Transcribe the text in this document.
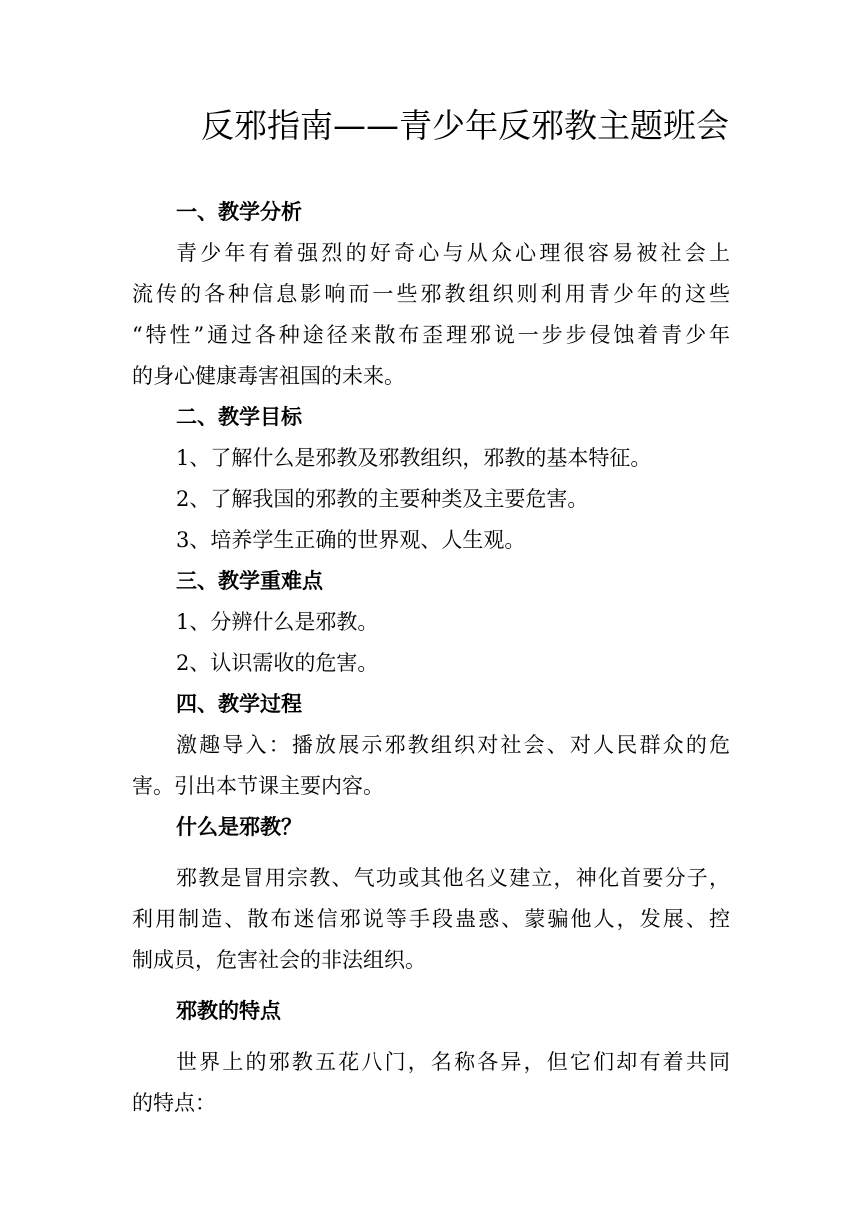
反邪指南——青少年反邪教主题班会
一、教学分析
青少年有着强烈的好奇心与从众心理很容易被社会上
流传的各种信息影响而一些邪教组织则利用青少年的这些
“特性”通过各种途径来散布歪理邪说一步步侵蚀着青少年
的身心健康毒害祖国的未来。
二、教学目标
1、了解什么是邪教及邪教组织，邪教的基本特征。
2、了解我国的邪教的主要种类及主要危害。
3、培养学生正确的世界观、人生观。
三、教学重难点
1、分辨什么是邪教。
2、认识需收的危害。
四、教学过程
激趣导入：播放展示邪教组织对社会、对人民群众的危
害。引出本节课主要内容。
什么是邪教？
邪教是冒用宗教、气功或其他名义建立，神化首要分子，
利用制造、散布迷信邪说等手段蛊惑、蒙骗他人，发展、控
制成员，危害社会的非法组织。
邪教的特点
世界上的邪教五花八门，名称各异，但它们却有着共同
的特点：
